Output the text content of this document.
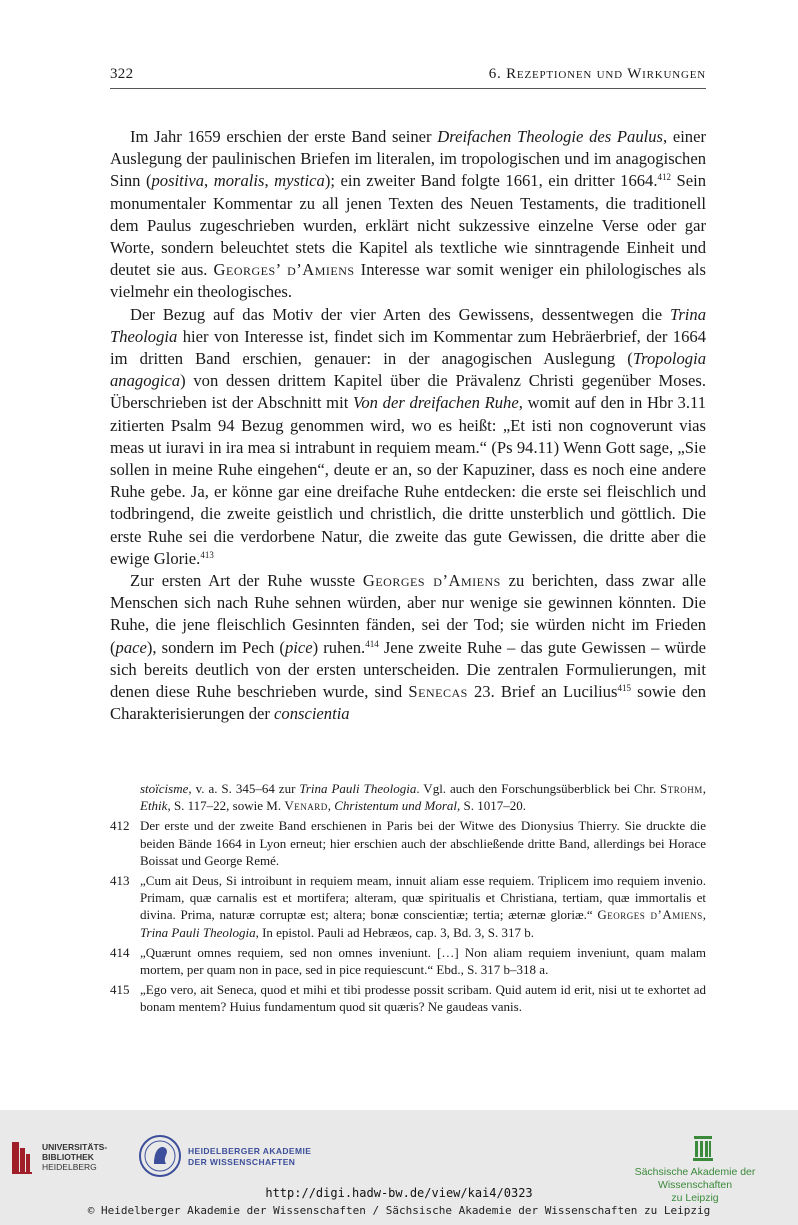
322	6. Rezeptionen und Wirkungen

Im Jahr 1659 erschien der erste Band seiner Dreifachen Theologie des Paulus, einer Auslegung der paulinischen Briefen im literalen, im tropologischen und im anagogischen Sinn (positiva, moralis, mystica); ein zweiter Band folgte 1661, ein dritter 1664.$^{412}$ Sein monumentaler Kommentar zu all jenen Texten des Neuen Testaments, die traditionell dem Paulus zugeschrieben wurden, erklärt nicht sukzessive einzelne Verse oder gar Worte, sondern beleuchtet stets die Kapitel als textliche wie sinntragende Einheit und deutet sie aus. Georges’ d’Amiens Interesse war somit weniger ein philologisches als vielmehr ein theologisches.

Der Bezug auf das Motiv der vier Arten des Gewissens, dessentwegen die Trina Theologia hier von Interesse ist, findet sich im Kommentar zum Hebräerbrief, der 1664 im dritten Band erschien, genauer: in der anagogischen Auslegung (Tropologia anagogica) von dessen drittem Kapitel über die Prävalenz Christi gegenüber Moses. Überschrieben ist der Abschnitt mit Von der dreifachen Ruhe, womit auf den in Hbr 3.11 zitierten Psalm 94 Bezug genommen wird, wo es heißt: „Et isti non cognoverunt vias meas ut iuravi in ira mea si intrabunt in requiem meam.“ (Ps 94.11) Wenn Gott sage, „Sie sollen in meine Ruhe eingehen“, deute er an, so der Kapuziner, dass es noch eine andere Ruhe gebe. Ja, er könne gar eine dreifache Ruhe entdecken: die erste sei fleischlich und todbringend, die zweite geistlich und christlich, die dritte unsterblich und göttlich. Die erste Ruhe sei die verdorbene Natur, die zweite das gute Gewissen, die dritte aber die ewige Glorie.$^{413}$

Zur ersten Art der Ruhe wusste Georges d’Amiens zu berichten, dass zwar alle Menschen sich nach Ruhe sehnen würden, aber nur wenige sie gewinnen könnten. Die Ruhe, die jene fleischlich Gesinnten fänden, sei der Tod; sie würden nicht im Frieden (pace), sondern im Pech (pice) ruhen.$^{414}$ Jene zweite Ruhe – das gute Gewissen – würde sich bereits deutlich von der ersten unterscheiden. Die zentralen Formulierungen, mit denen diese Ruhe beschrieben wurde, sind Senecas 23. Brief an Lucilius$^{415}$ sowie den Charakterisierungen der conscientia

stoïcisme, v. a. S. 345–64 zur Trina Pauli Theologia. Vgl. auch den Forschungsüberblick bei Chr. Strohm, Ethik, S. 117–22, sowie M. Venard, Christentum und Moral, S. 1017–20.
412 Der erste und der zweite Band erschienen in Paris bei der Witwe des Dionysius Thierry. Sie druckte die beiden Bände 1664 in Lyon erneut; hier erschien auch der abschließende dritte Band, allerdings bei Horace Boissat und George Remé.
413 „Cum ait Deus, Si introibunt in requiem meam, innuit aliam esse requiem. Triplicem imo requiem invenio. Primam, quæ carnalis est et mortifera; alteram, quæ spiritualis et Christiana, tertiam, quæ immortalis et divina. Prima, naturæ corruptæ est; altera; bonæ conscientiæ; tertia; æternæ gloriæ.“ Georges d’Amiens, Trina Pauli Theologia, In epistol. Pauli ad Hebræos, cap. 3, Bd. 3, S. 317 b.
414 „Quærunt omnes requiem, sed non omnes inveniunt. […] Non aliam requiem inveniunt, quam malam mortem, per quam non in pace, sed in pice requiescunt.“ Ebd., S. 317 b–318 a.
415 „Ego vero, ait Seneca, quod et mihi et tibi prodesse possit scribam. Quid autem id erit, nisi ut te exhortet ad bonam mentem? Huius fundamentum quod sit quæris? Ne gaudeas vanis.
UNIVERSITÄTS-
BIBLIOTHEK
HEIDELBERG
HEIDELBERGER AKADEMIE
DER WISSENSCHAFTEN
Sächsische Akademie der Wissenschaften
zu Leipzig
http://digi.hadw-bw.de/view/kai4/0323
© Heidelberger Akademie der Wissenschaften / Sächsische Akademie der Wissenschaften zu Leipzig
